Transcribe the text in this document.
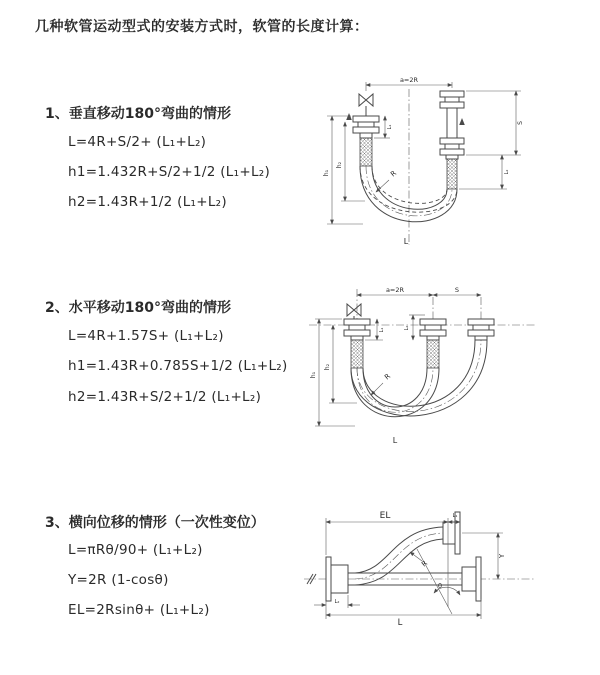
几种软管运动型式的安装方式时，软管的长度计算：
1、垂直移动180°弯曲的情形
L=4R+S/2+ (L₁+L₂)
h1=1.432R+S/2+1/2 (L₁+L₂)
h2=1.43R+1/2 (L₁+L₂)
2、水平移动180°弯曲的情形
L=4R+1.57S+ (L₁+L₂)
h1=1.43R+0.785S+1/2 (L₁+L₂)
h2=1.43R+S/2+1/2 (L₁+L₂)
3、横向位移的情形（一次性变位）
L=πRθ/90+ (L₁+L₂)
Y=2R (1-cosθ)
EL=2Rsinθ+ (L₁+L₂)
a=2R
h₁
h₂
L₁
S
L₂
R
L
a=2R	S
h₁
h₂
L₁	L₂
R
L
EL	L₁
Y
L
L₂
θ
R
